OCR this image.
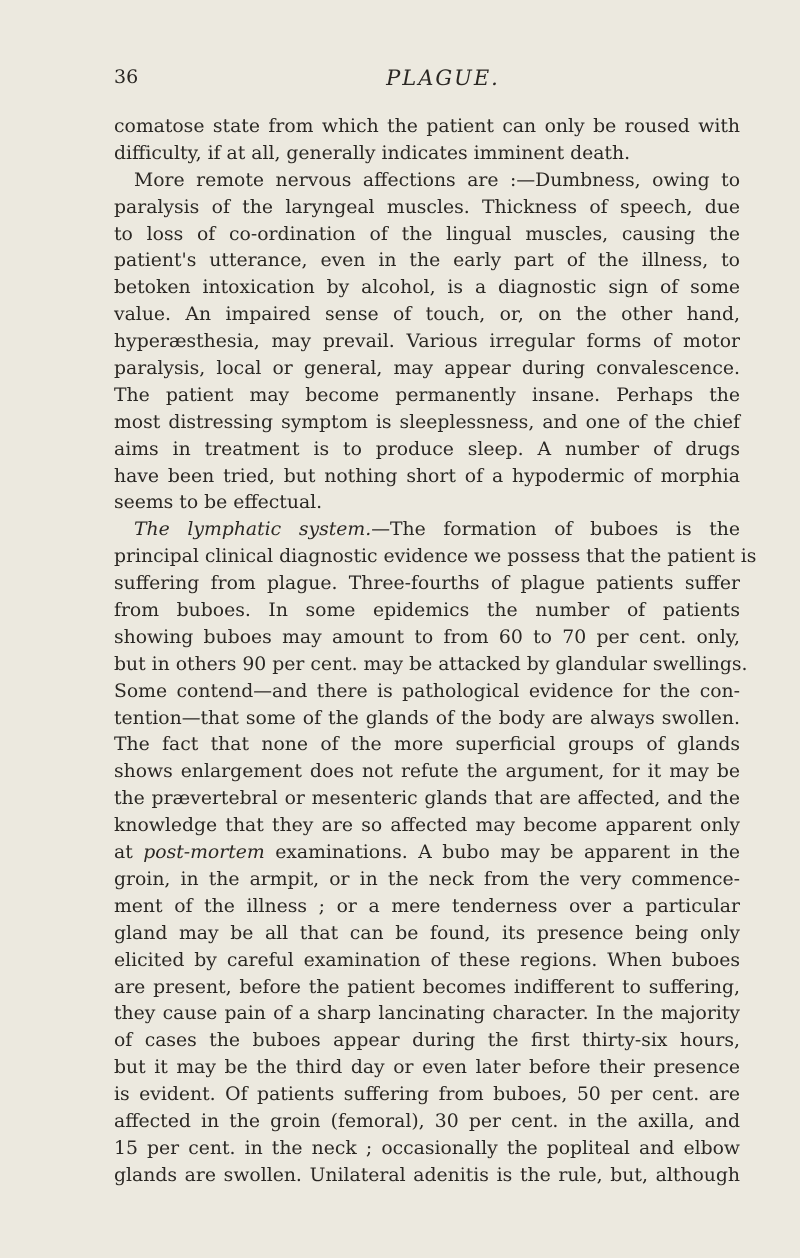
36	PLAGUE.
comatose state from which the patient can only be roused with
difficulty, if at all, generally indicates imminent death.
More remote nervous affections are :—Dumbness, owing to
paralysis of the laryngeal muscles. Thickness of speech, due
to loss of co-ordination of the lingual muscles, causing the
patient's utterance, even in the early part of the illness, to
betoken intoxication by alcohol, is a diagnostic sign of some
value. An impaired sense of touch, or, on the other hand,
hyperæsthesia, may prevail. Various irregular forms of motor
paralysis, local or general, may appear during convalescence.
The patient may become permanently insane. Perhaps the
most distressing symptom is sleeplessness, and one of the chief
aims in treatment is to produce sleep. A number of drugs
have been tried, but nothing short of a hypodermic of morphia
seems to be effectual.
The lymphatic system.—The formation of buboes is the
principal clinical diagnostic evidence we possess that the patient is
suffering from plague. Three-fourths of plague patients suffer
from buboes. In some epidemics the number of patients
showing buboes may amount to from 60 to 70 per cent. only,
but in others 90 per cent. may be attacked by glandular swellings.
Some contend—and there is pathological evidence for the con-
tention—that some of the glands of the body are always swollen.
The fact that none of the more superficial groups of glands
shows enlargement does not refute the argument, for it may be
the prævertebral or mesenteric glands that are affected, and the
knowledge that they are so affected may become apparent only
at post-mortem examinations. A bubo may be apparent in the
groin, in the armpit, or in the neck from the very commence-
ment of the illness ; or a mere tenderness over a particular
gland may be all that can be found, its presence being only
elicited by careful examination of these regions. When buboes
are present, before the patient becomes indifferent to suffering,
they cause pain of a sharp lancinating character. In the majority
of cases the buboes appear during the first thirty-six hours,
but it may be the third day or even later before their presence
is evident. Of patients suffering from buboes, 50 per cent. are
affected in the groin (femoral), 30 per cent. in the axilla, and
15 per cent. in the neck ; occasionally the popliteal and elbow
glands are swollen. Unilateral adenitis is the rule, but, although
